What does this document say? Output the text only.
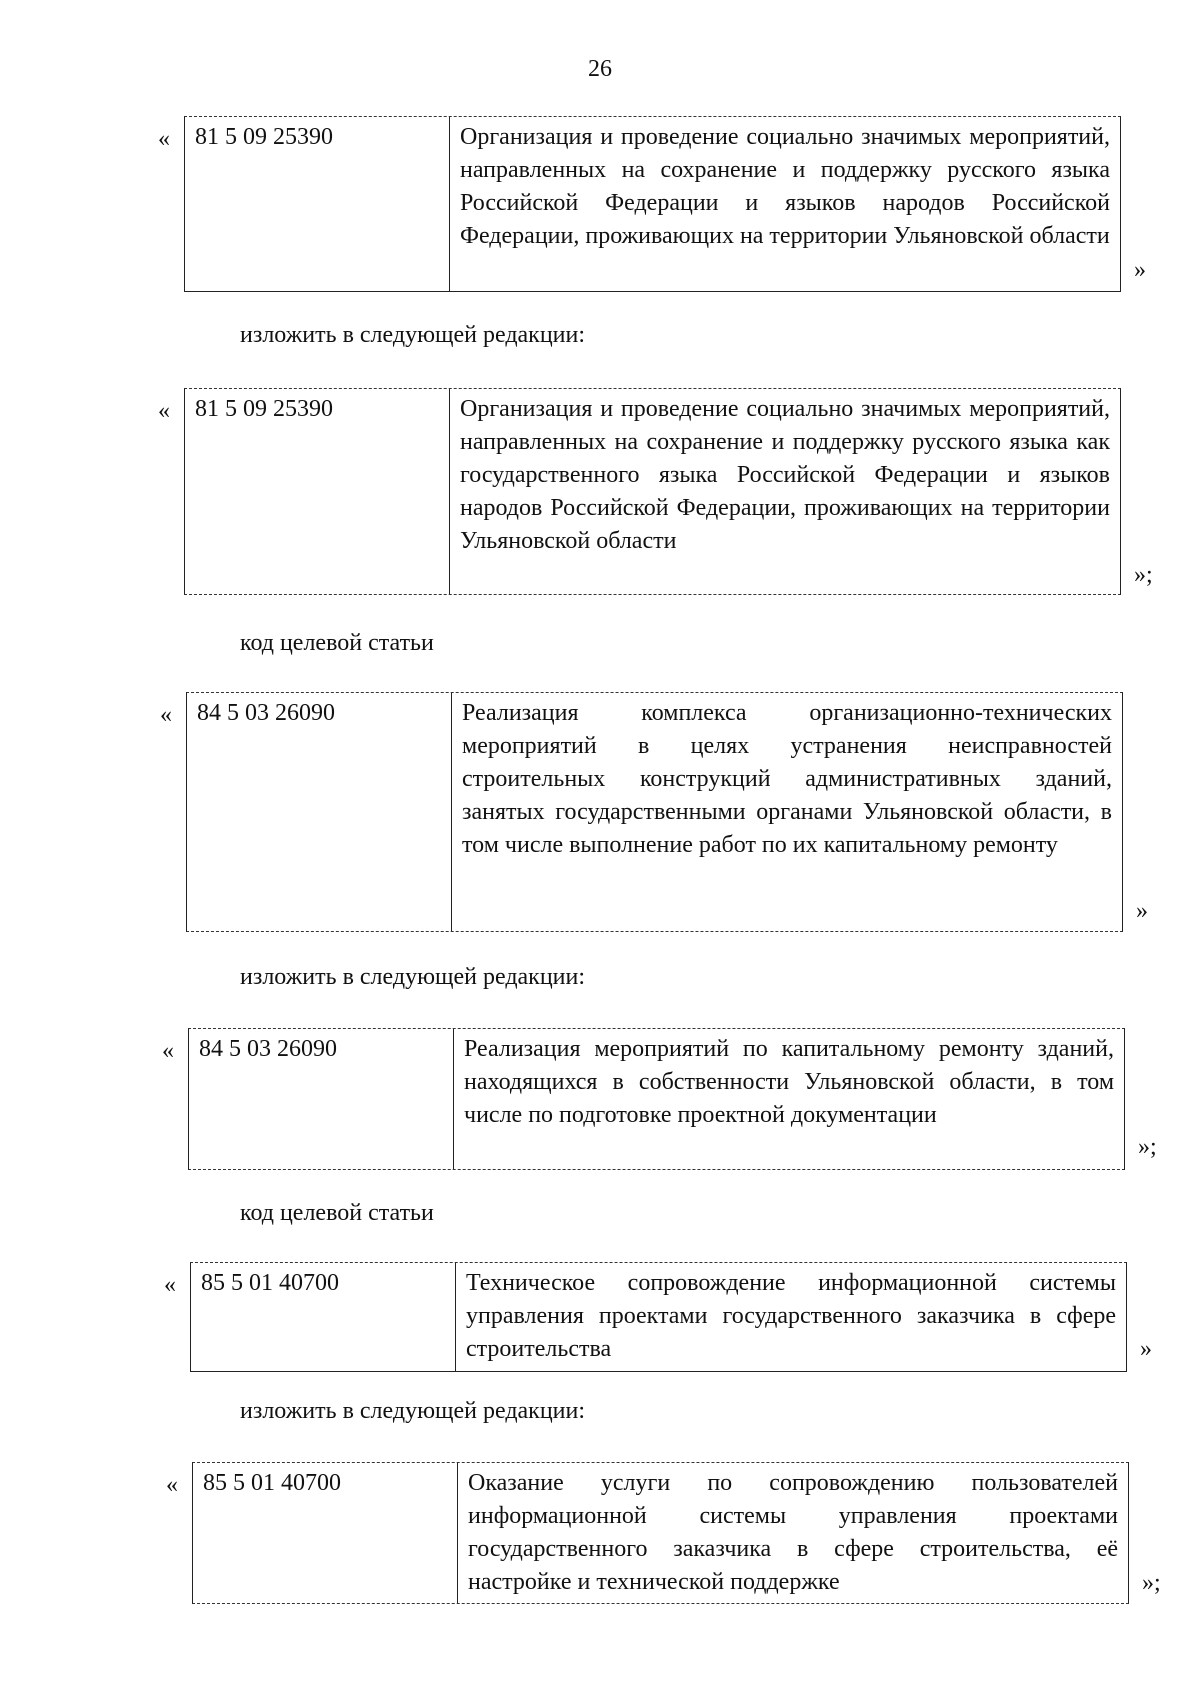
26
«	81 5 09 25390	Организация и проведение социально значимых мероприятий, направленных на сохранение и поддержку русского языка Российской Федерации и языков народов Российской Федерации, проживающих на территории Ульяновской области
»
изложить в следующей редакции:
«	81 5 09 25390	Организация и проведение социально значимых мероприятий, направленных на сохранение и поддержку русского языка как государственного языка Российской Федерации и языков народов Российской Федерации, проживающих на территории Ульяновской области
»;
код целевой статьи
«	84 5 03 26090	Реализация комплекса организационно-технических мероприятий в целях устранения неисправностей строительных конструкций административных зданий, занятых государственными органами Ульяновской области, в том числе выполнение работ по их капитальному ремонту
»
изложить в следующей редакции:
«	84 5 03 26090	Реализация мероприятий по капитальному ремонту зданий, находящихся в собственности Ульяновской области, в том числе по подготовке проектной документации
»;
код целевой статьи
«	85 5 01 40700	Техническое сопровождение информационной системы управления проектами государственного заказчика в сфере строительства	»
изложить в следующей редакции:
«	85 5 01 40700	Оказание услуги по сопровождению пользователей информационной системы управления проектами государственного заказчика в сфере строительства, её настройке и технической поддержке	»;
